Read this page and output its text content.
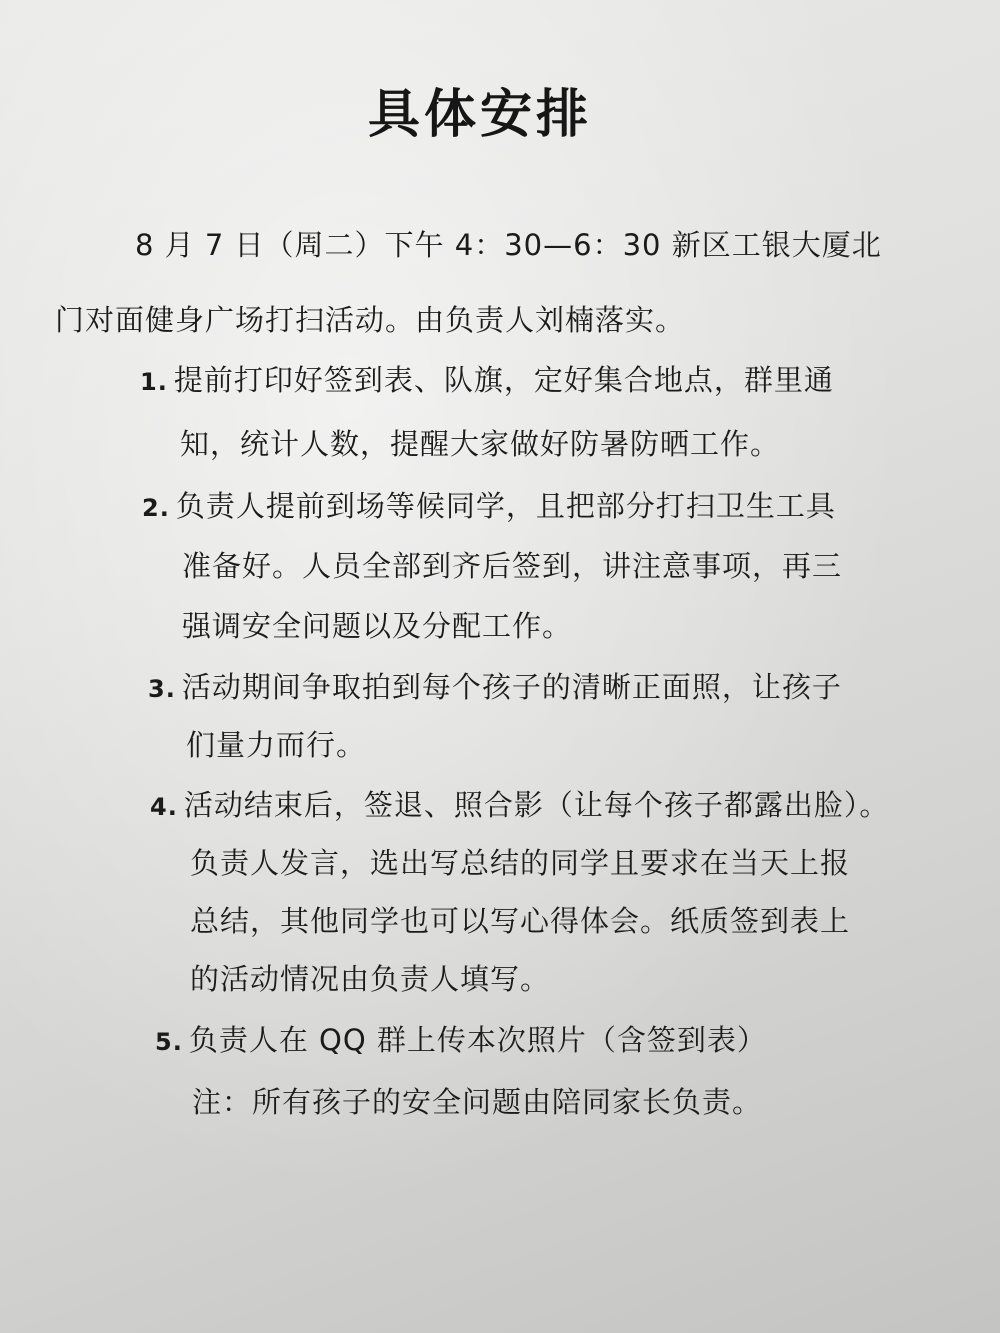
具体安排
8 月 7 日（周二）下午 4：30—6：30 新区工银大厦北
门对面健身广场打扫活动。由负责人刘楠落实。
1. 提前打印好签到表、队旗，定好集合地点，群里通
知，统计人数，提醒大家做好防暑防晒工作。
2. 负责人提前到场等候同学，且把部分打扫卫生工具
准备好。人员全部到齐后签到，讲注意事项，再三
强调安全问题以及分配工作。
3. 活动期间争取拍到每个孩子的清晰正面照，让孩子
们量力而行。
4. 活动结束后，签退、照合影（让每个孩子都露出脸）。
负责人发言，选出写总结的同学且要求在当天上报
总结，其他同学也可以写心得体会。纸质签到表上
的活动情况由负责人填写。
5. 负责人在 QQ 群上传本次照片（含签到表）
注：所有孩子的安全问题由陪同家长负责。
